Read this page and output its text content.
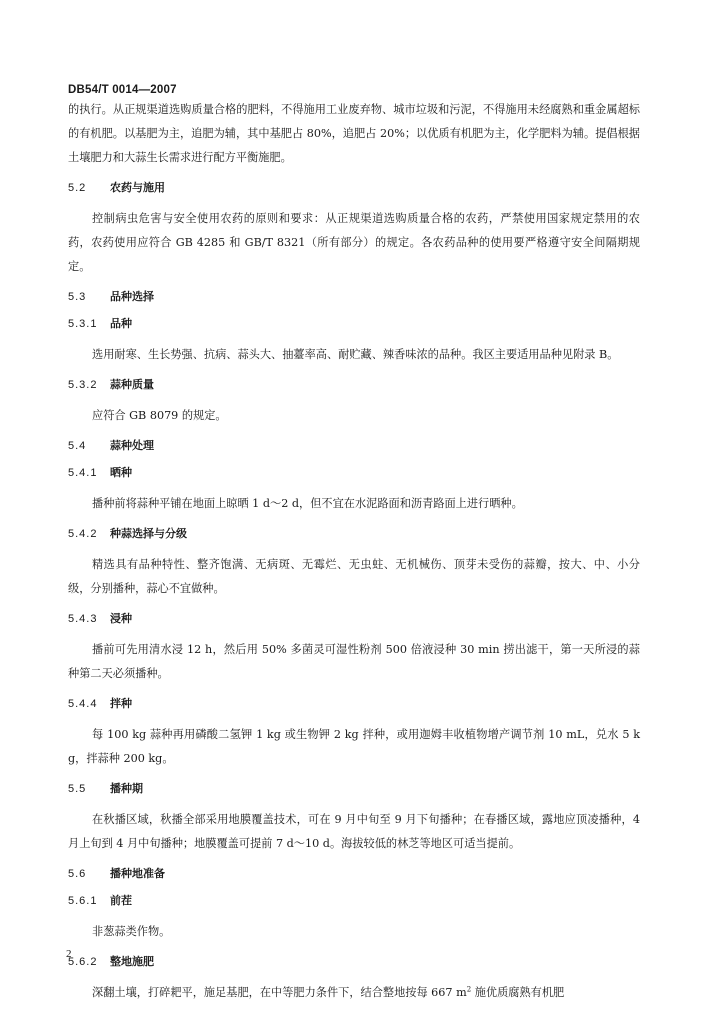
DB54/T 0014—2007

的执行。从正规渠道选购质量合格的肥料，不得施用工业废弃物、城市垃圾和污泥，不得施用未经腐熟和重金属超标的有机肥。以基肥为主，追肥为辅，其中基肥占 80%，追肥占 20%；以优质有机肥为主，化学肥料为辅。提倡根据土壤肥力和大蒜生长需求进行配方平衡施肥。

5.2 农药与施用

控制病虫危害与安全使用农药的原则和要求：从正规渠道选购质量合格的农药，严禁使用国家规定禁用的农药，农药使用应符合 GB 4285 和 GB/T 8321（所有部分）的规定。各农药品种的使用要严格遵守安全间隔期规定。

5.3 品种选择
5.3.1 品种

选用耐寒、生长势强、抗病、蒜头大、抽薹率高、耐贮藏、辣香味浓的品种。我区主要适用品种见附录 B。

5.3.2 蒜种质量

应符合 GB 8079 的规定。

5.4 蒜种处理
5.4.1 晒种

播种前将蒜种平铺在地面上晾晒 1 d～2 d，但不宜在水泥路面和沥青路面上进行晒种。

5.4.2 种蒜选择与分级

精选具有品种特性、整齐饱满、无病斑、无霉烂、无虫蛀、无机械伤、顶芽未受伤的蒜瓣，按大、中、小分级，分别播种，蒜心不宜做种。

5.4.3 浸种

播前可先用清水浸 12 h，然后用 50% 多菌灵可湿性粉剂 500 倍液浸种 30 min 捞出滤干，第一天所浸的蒜种第二天必须播种。

5.4.4 拌种

每 100 kg 蒜种再用磷酸二氢钾 1 kg 或生物钾 2 kg 拌种，或用迦姆丰收植物增产调节剂 10 mL，兑水 5 kg，拌蒜种 200 kg。

5.5 播种期

在秋播区域，秋播全部采用地膜覆盖技术，可在 9 月中旬至 9 月下旬播种；在春播区域，露地应顶凌播种，4 月上旬到 4 月中旬播种；地膜覆盖可提前 7 d～10 d。海拔较低的林芝等地区可适当提前。

5.6 播种地准备
5.6.1 前茬

非葱蒜类作物。

5.6.2 整地施肥

深翻土壤，打碎耙平，施足基肥，在中等肥力条件下，结合整地按每 667 $m^2$ 施优质腐熟有机肥

2
